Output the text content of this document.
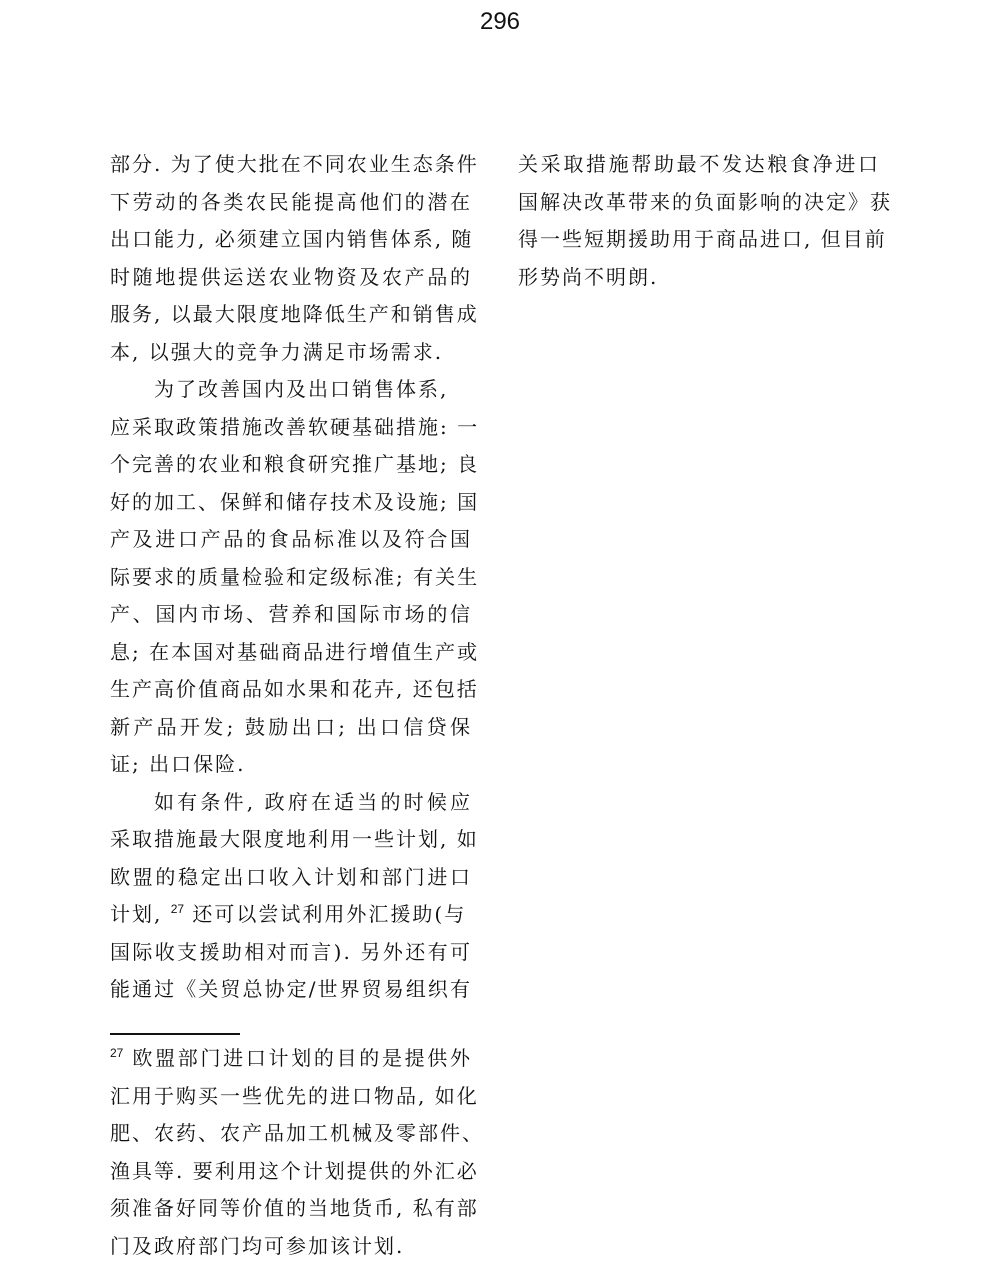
296

部分. 为了使大批在不同农业生态条件
下劳动的各类农民能提高他们的潜在
出口能力, 必须建立国内销售体系, 随
时随地提供运送农业物资及农产品的
服务, 以最大限度地降低生产和销售成
本, 以强大的竞争力满足市场需求.

为了改善国内及出口销售体系,
应采取政策措施改善软硬基础措施: 一
个完善的农业和粮食研究推广基地; 良
好的加工、保鲜和储存技术及设施; 国
产及进口产品的食品标准以及符合国
际要求的质量检验和定级标准; 有关生
产、国内市场、营养和国际市场的信
息; 在本国对基础商品进行增值生产或
生产高价值商品如水果和花卉, 还包括
新产品开发; 鼓励出口; 出口信贷保
证; 出口保险.

如有条件, 政府在适当的时候应
采取措施最大限度地利用一些计划, 如
欧盟的稳定出口收入计划和部门进口
计划, $^{27}$ 还可以尝试利用外汇援助(与
国际收支援助相对而言). 另外还有可
能通过《关贸总协定/世界贸易组织有

关采取措施帮助最不发达粮食净进口
国解决改革带来的负面影响的决定》获
得一些短期援助用于商品进口, 但目前
形势尚不明朗.

$^{27}$ 欧盟部门进口计划的目的是提供外
汇用于购买一些优先的进口物品, 如化
肥、农药、农产品加工机械及零部件、
渔具等. 要利用这个计划提供的外汇必
须准备好同等价值的当地货币, 私有部
门及政府部门均可参加该计划.
